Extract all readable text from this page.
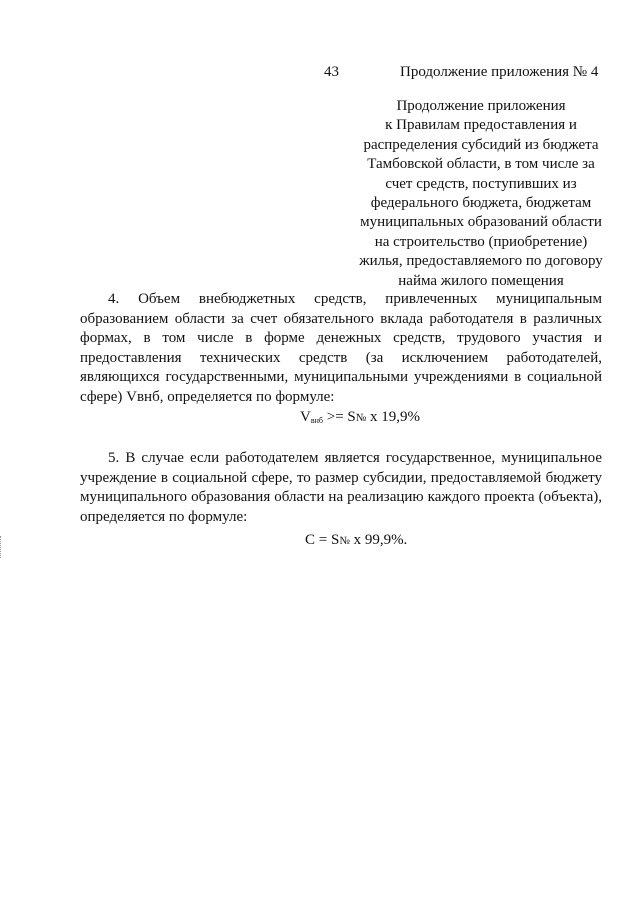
43	Продолжение приложения № 4
Продолжение приложения
к Правилам предоставления и
распределения субсидий из бюджета
Тамбовской области, в том числе за
счет средств, поступивших из
федерального бюджета, бюджетам
муниципальных образований области
на строительство (приобретение)
жилья, предоставляемого по договору
найма жилого помещения
4. Объем внебюджетных средств, привлеченных муниципальным образованием области за счет обязательного вклада работодателя в различных формах, в том числе в форме денежных средств, трудового участия и предоставления технических средств (за исключением работодателей, являющихся государственными, муниципальными учреждениями в социальной сфере) Vвнб, определяется по формуле:
$V_{внб}$ >= S№ x 19,9%
5. В случае если работодателем является государственное, муниципальное учреждение в социальной сфере, то размер субсидии, предоставляемой бюджету муниципального образования области на реализацию каждого проекта (объекта), определяется по формуле:
C = S№ x 99,9%.
